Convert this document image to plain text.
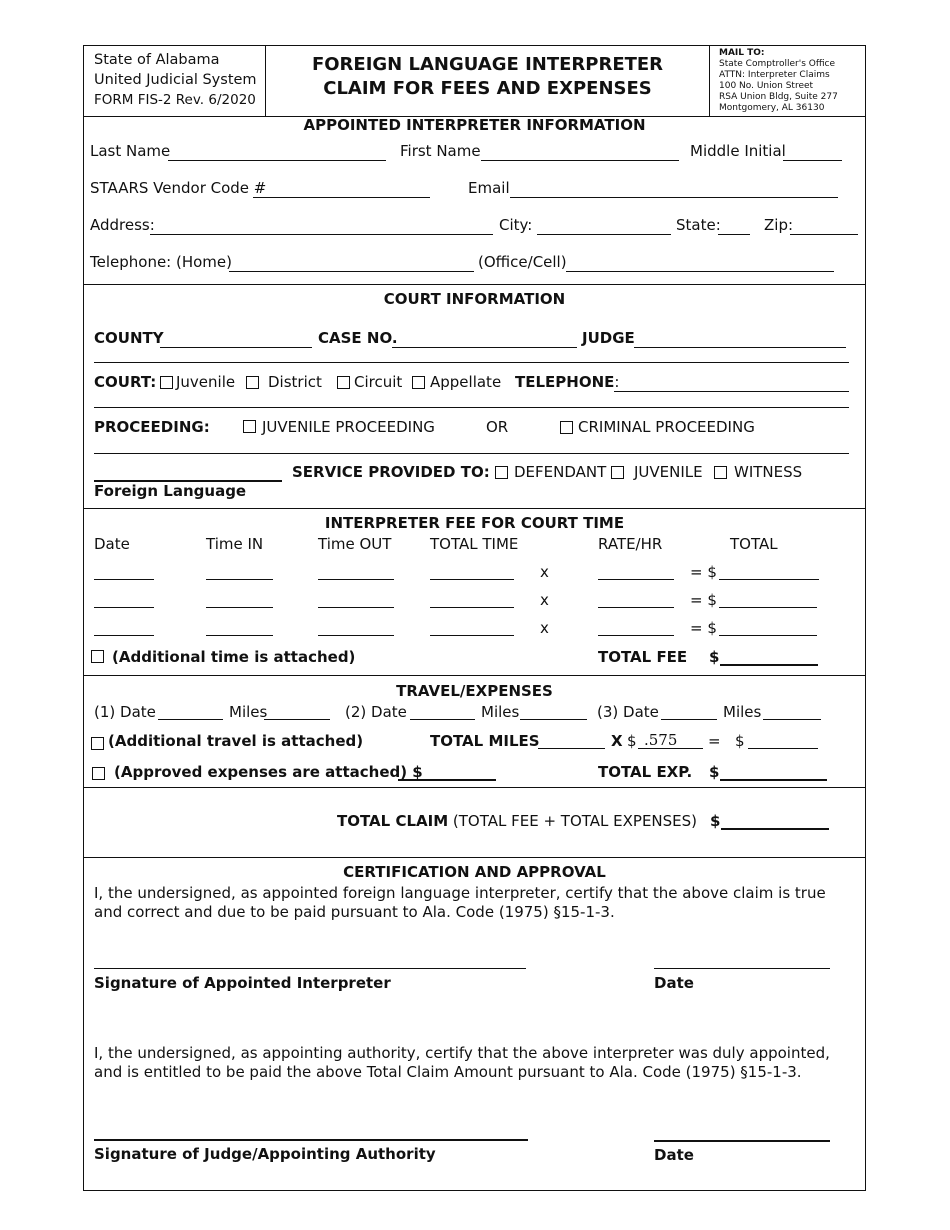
State of Alabama
United Judicial System
FORM FIS-2 Rev. 6/2020
FOREIGN LANGUAGE INTERPRETER
CLAIM FOR FEES AND EXPENSES
MAIL TO:
State Comptroller's Office
ATTN: Interpreter Claims
100 No. Union Street
RSA Union Bldg, Suite 277
Montgomery, AL 36130
APPOINTED INTERPRETER INFORMATION
Last Name	First Name	Middle Initial
STAARS Vendor Code #	Email
Address:	City:	State:	Zip:
Telephone: (Home)	(Office/Cell)
COURT INFORMATION
COUNTY	CASE NO.	JUDGE
COURT: Juvenile District Circuit Appellate TELEPHONE:
PROCEEDING:	JUVENILE PROCEEDING	OR	CRIMINAL PROCEEDING
SERVICE PROVIDED TO: DEFENDANT JUVENILE WITNESS
Foreign Language
INTERPRETER FEE FOR COURT TIME
Date	Time IN	Time OUT	TOTAL TIME	RATE/HR	TOTAL
x	= $
x	= $
x	= $
(Additional time is attached)	TOTAL FEE $
TRAVEL/EXPENSES
(1) Date	Miles	(2) Date	Miles	(3) Date	Miles
(Additional travel is attached)	TOTAL MILES	X $ .575 = $
(Approved expenses are attached) $	TOTAL EXP. $
TOTAL CLAIM (TOTAL FEE + TOTAL EXPENSES) $
CERTIFICATION AND APPROVAL
I, the undersigned, as appointed foreign language interpreter, certify that the above claim is true and correct and due to be paid pursuant to Ala. Code (1975) §15-1-3.
Signature of Appointed Interpreter	Date
I, the undersigned, as appointing authority, certify that the above interpreter was duly appointed, and is entitled to be paid the above Total Claim Amount pursuant to Ala. Code (1975) §15-1-3.
Signature of Judge/Appointing Authority	Date
